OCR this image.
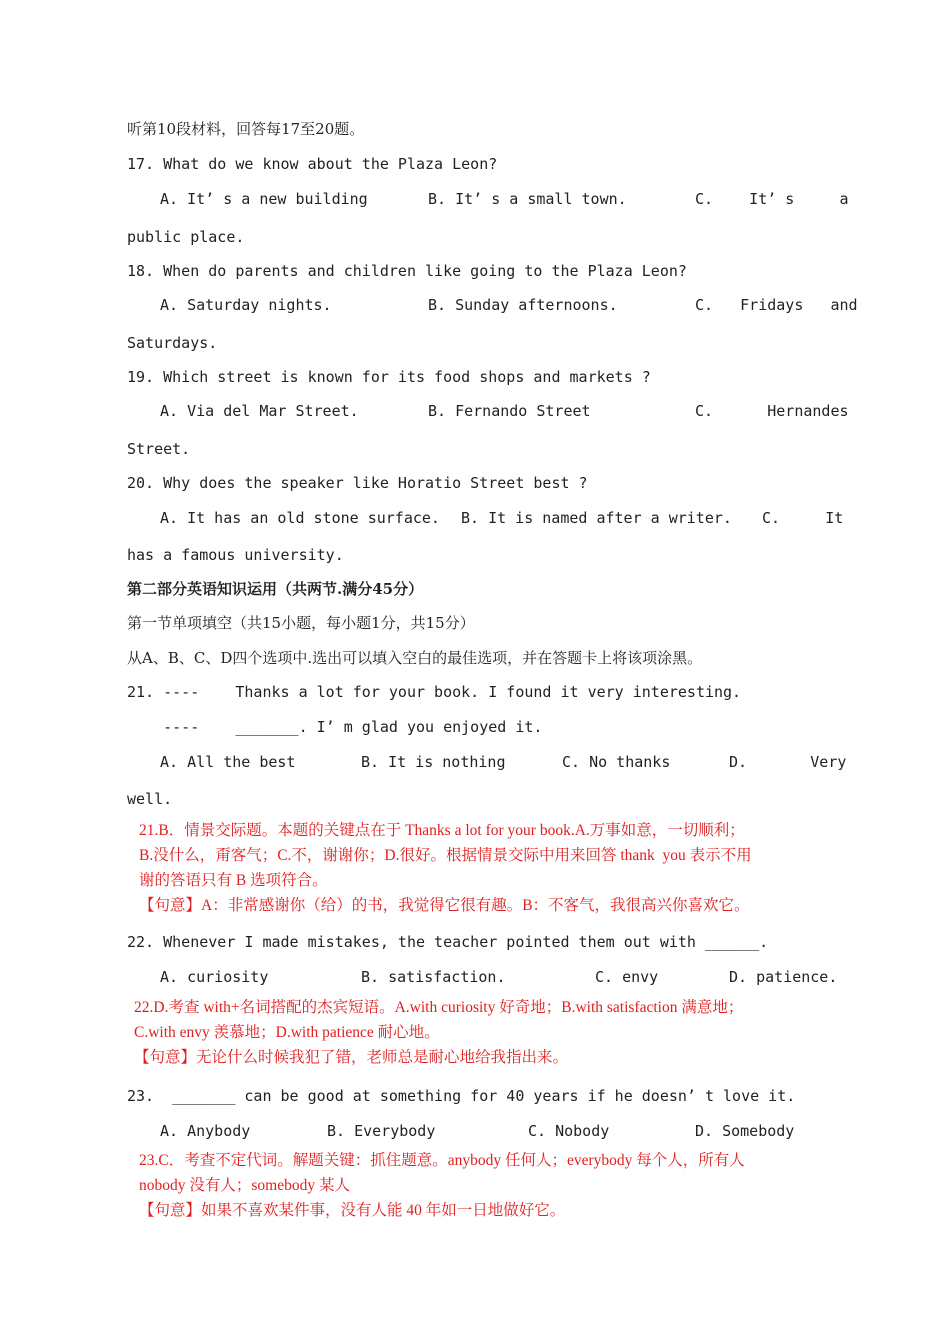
听第10段材料，回答每17至20题。
17. What do we know about the Plaza Leon?
A. It’ s a new building	B. It’ s a small town.	C.    It’ s     a
public place.
18. When do parents and children like going to the Plaza Leon?
A. Saturday nights.	B. Sunday afternoons.	C.   Fridays   and
Saturdays.
19. Which street is known for its food shops and markets ?
A. Via del Mar Street.	B. Fernando Street	C.      Hernandes
Street.
20. Why does the speaker like Horatio Street best ?
A. It has an old stone surface. B. It is named after a writer. C.     It
has a famous university.
第二部分英语知识运用（共两节.满分45分）
第一节单项填空（共15小题，每小题1分，共15分）
从A、B、C、D四个选项中.选出可以填入空白的最佳选项，并在答题卡上将该项涂黑。
21. ----    Thanks a lot for your book. I found it very interesting.
----    _______. I’ m glad you enjoyed it.
A. All the best	B. It is nothing	C. No thanks	D.       Very
well.
21.B．情景交际题。本题的关键点在于 Thanks a lot for your book.A.万事如意，一切顺利；
B.没什么，甭客气；C.不，谢谢你；D.很好。根据情景交际中用来回答 thank  you 表示不用
谢的答语只有 B 选项符合。
【句意】A：非常感谢你（给）的书，我觉得它很有趣。B：不客气，我很高兴你喜欢它。
22. Whenever I made mistakes, the teacher pointed them out with ______.
A. curiosity	B. satisfaction.	C. envy	D. patience.
22.D.考查 with+名词搭配的杰宾短语。A.with curiosity 好奇地；B.with satisfaction 满意地；
C.with envy 羡慕地；D.with patience 耐心地。
【句意】无论什么时候我犯了错，老师总是耐心地给我指出来。
23.  _______ can be good at something for 40 years if he doesn’ t love it.
A. Anybody	B. Everybody	C. Nobody	D. Somebody
23.C．考查不定代词。解题关键：抓住题意。anybody 任何人；everybody 每个人，所有人
nobody 没有人；somebody 某人
【句意】如果不喜欢某件事，没有人能 40 年如一日地做好它。
